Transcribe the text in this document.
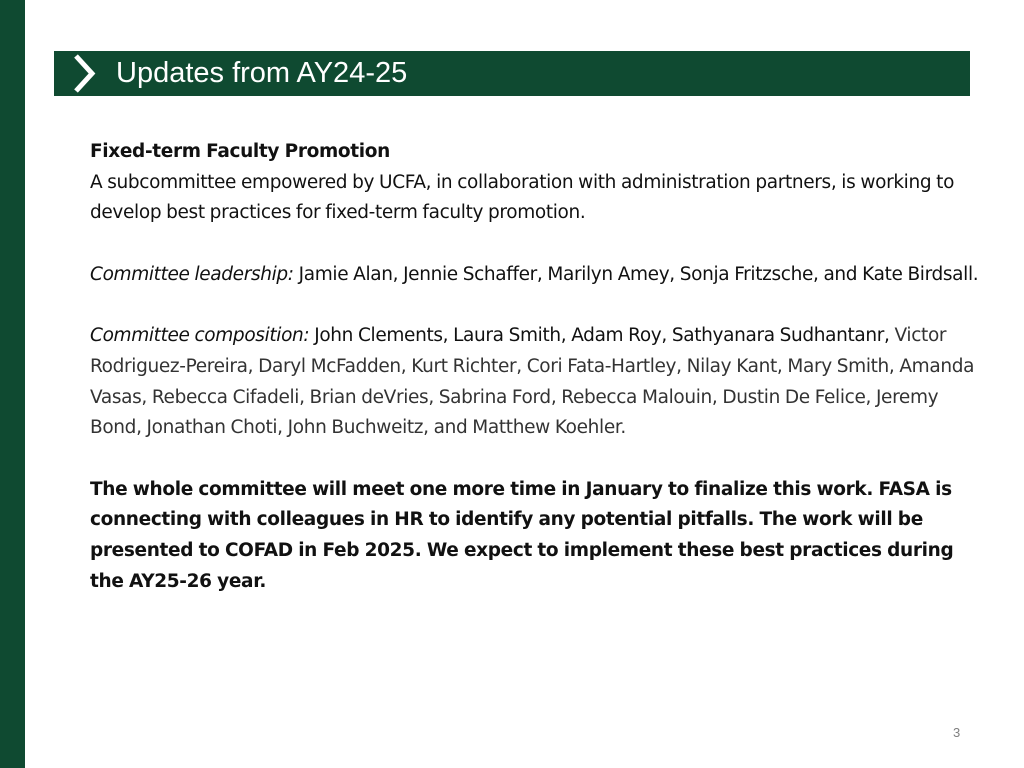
Updates from AY24-25

Fixed-term Faculty Promotion

A subcommittee empowered by UCFA, in collaboration with administration partners, is working to develop best practices for fixed-term faculty promotion.

Committee leadership: Jamie Alan, Jennie Schaffer, Marilyn Amey, Sonja Fritzsche, and Kate Birdsall.

Committee composition: John Clements, Laura Smith, Adam Roy, Sathyanara Sudhantanr, Victor Rodriguez-Pereira, Daryl McFadden, Kurt Richter, Cori Fata-Hartley, Nilay Kant, Mary Smith, Amanda Vasas, Rebecca Cifadeli, Brian deVries, Sabrina Ford, Rebecca Malouin, Dustin De Felice, Jeremy Bond, Jonathan Choti, John Buchweitz, and Matthew Koehler.

The whole committee will meet one more time in January to finalize this work. FASA is connecting with colleagues in HR to identify any potential pitfalls. The work will be presented to COFAD in Feb 2025. We expect to implement these best practices during the AY25-26 year.

3
